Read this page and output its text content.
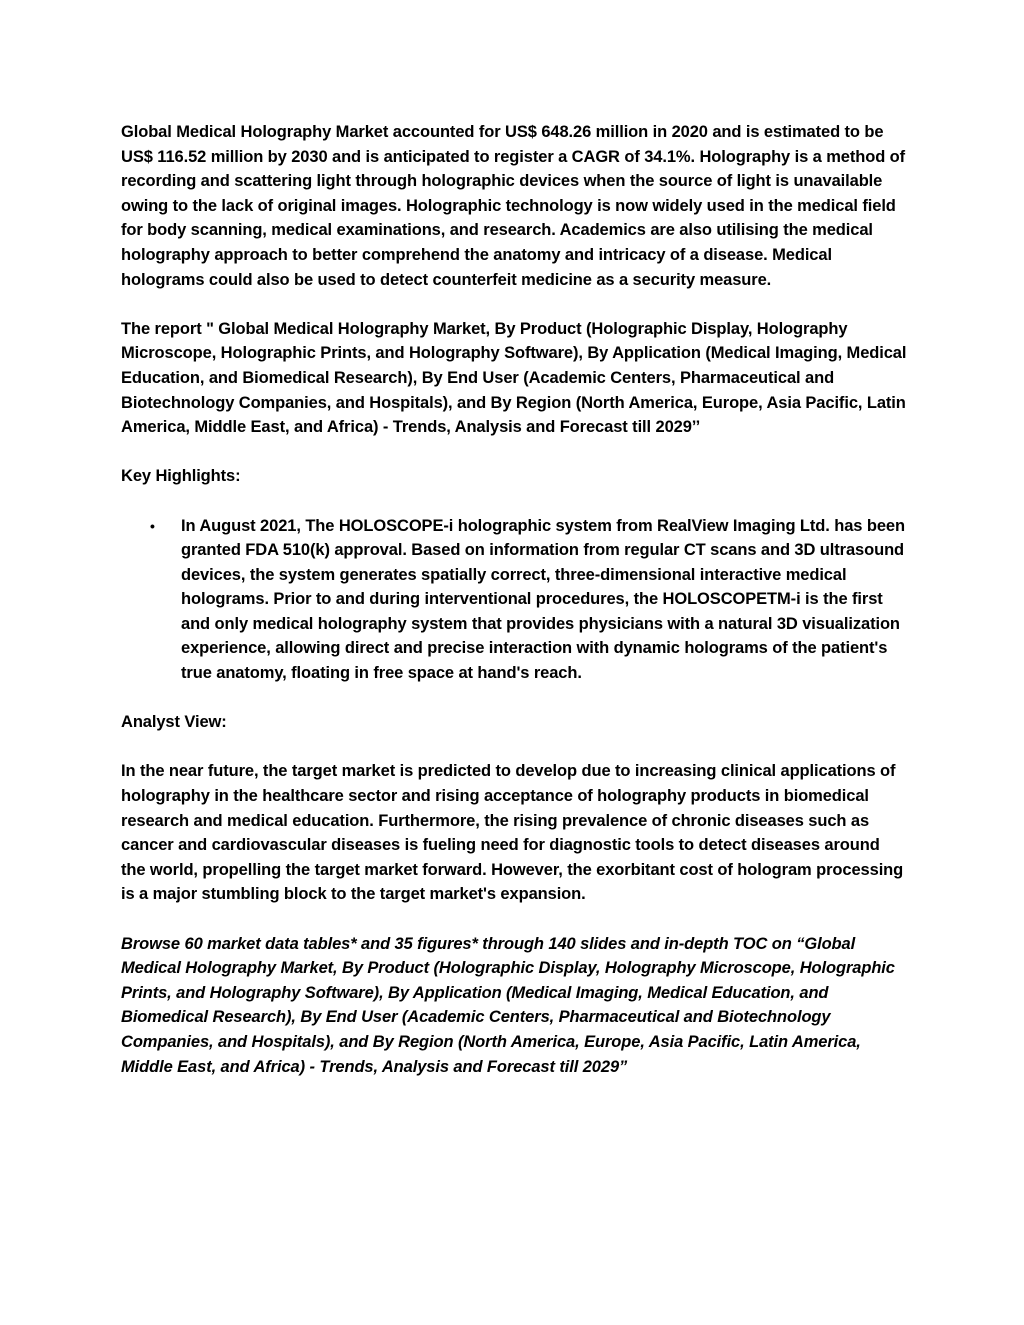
Global Medical Holography Market accounted for US$ 648.26 million in 2020 and is estimated to be US$ 116.52 million by 2030 and is anticipated to register a CAGR of 34.1%. Holography is a method of recording and scattering light through holographic devices when the source of light is unavailable owing to the lack of original images. Holographic technology is now widely used in the medical field for body scanning, medical examinations, and research. Academics are also utilising the medical holography approach to better comprehend the anatomy and intricacy of a disease. Medical holograms could also be used to detect counterfeit medicine as a security measure.

The report " Global Medical Holography Market, By Product (Holographic Display, Holography Microscope, Holographic Prints, and Holography Software), By Application (Medical Imaging, Medical Education, and Biomedical Research), By End User (Academic Centers, Pharmaceutical and Biotechnology Companies, and Hospitals), and By Region (North America, Europe, Asia Pacific, Latin America, Middle East, and Africa) - Trends, Analysis and Forecast till 2029’’

Key Highlights:

• In August 2021, The HOLOSCOPE-i holographic system from RealView Imaging Ltd. has been granted FDA 510(k) approval. Based on information from regular CT scans and 3D ultrasound devices, the system generates spatially correct, three-dimensional interactive medical holograms. Prior to and during interventional procedures, the HOLOSCOPETM-i is the first and only medical holography system that provides physicians with a natural 3D visualization experience, allowing direct and precise interaction with dynamic holograms of the patient's true anatomy, floating in free space at hand's reach.

Analyst View:

In the near future, the target market is predicted to develop due to increasing clinical applications of holography in the healthcare sector and rising acceptance of holography products in biomedical research and medical education. Furthermore, the rising prevalence of chronic diseases such as cancer and cardiovascular diseases is fueling need for diagnostic tools to detect diseases around the world, propelling the target market forward. However, the exorbitant cost of hologram processing is a major stumbling block to the target market's expansion.

Browse 60 market data tables* and 35 figures* through 140 slides and in-depth TOC on “Global Medical Holography Market, By Product (Holographic Display, Holography Microscope, Holographic Prints, and Holography Software), By Application (Medical Imaging, Medical Education, and Biomedical Research), By End User (Academic Centers, Pharmaceutical and Biotechnology Companies, and Hospitals), and By Region (North America, Europe, Asia Pacific, Latin America, Middle East, and Africa) - Trends, Analysis and Forecast till 2029”
